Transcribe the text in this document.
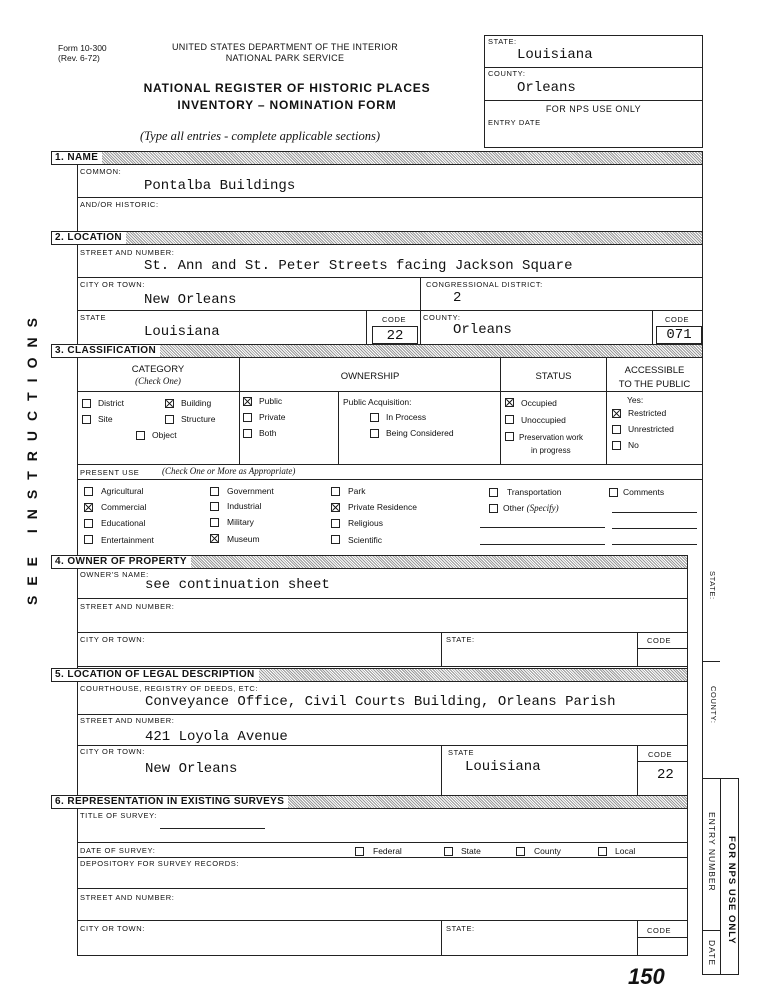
Form 10-300
(Rev. 6-72)
UNITED STATES DEPARTMENT OF THE INTERIOR
NATIONAL PARK SERVICE
NATIONAL REGISTER OF HISTORIC PLACES
INVENTORY – NOMINATION FORM
(Type all entries - complete applicable sections)
STATE:
Louisiana
COUNTY:
Orleans
FOR NPS USE ONLY
ENTRY DATE
SEE INSTRUCTIONS
1. NAME
COMMON:
Pontalba Buildings
AND/OR HISTORIC:
2. LOCATION
STREET AND NUMBER:
St. Ann and St. Peter Streets facing Jackson Square
CITY OR TOWN:
New Orleans
CONGRESSIONAL DISTRICT:
2
STATE
Louisiana
CODE
22
COUNTY:
Orleans
CODE
071
3. CLASSIFICATION
CATEGORY
(Check One)	OWNERSHIP	STATUS
ACCESSIBLE
TO THE PUBLIC
District	Building
Site	Structure
Object
Public
Private
Both
Public Acquisition:
In Process
Being Considered
Occupied
Unoccupied
Preservation work
in progress
Yes:
Restricted
Unrestricted
No
PRESENT USE	(Check One or More as Appropriate)
Agricultural
Commercial
Educational
Entertainment
Government
Industrial
Military
Museum
Park
Private Residence
Religious
Scientific
Transportation
Other (Specify)
Comments
4. OWNER OF PROPERTY
STATE:
OWNER'S NAME:
see continuation sheet
STREET AND NUMBER:
CITY OR TOWN:	STATE:	CODE
5. LOCATION OF LEGAL DESCRIPTION
COUNTY:
COURTHOUSE, REGISTRY OF DEEDS, ETC:
Conveyance Office, Civil Courts Building, Orleans Parish
STREET AND NUMBER:
421 Loyola Avenue
CITY OR TOWN:
New Orleans
STATE
Louisiana
CODE
22
6. REPRESENTATION IN EXISTING SURVEYS
ENTRY NUMBER
DATE
FOR NPS USE ONLY
TITLE OF SURVEY:
DATE OF SURVEY:	Federal	State	County	Local
DEPOSITORY FOR SURVEY RECORDS:
STREET AND NUMBER:
CITY OR TOWN:	STATE:	CODE
150
